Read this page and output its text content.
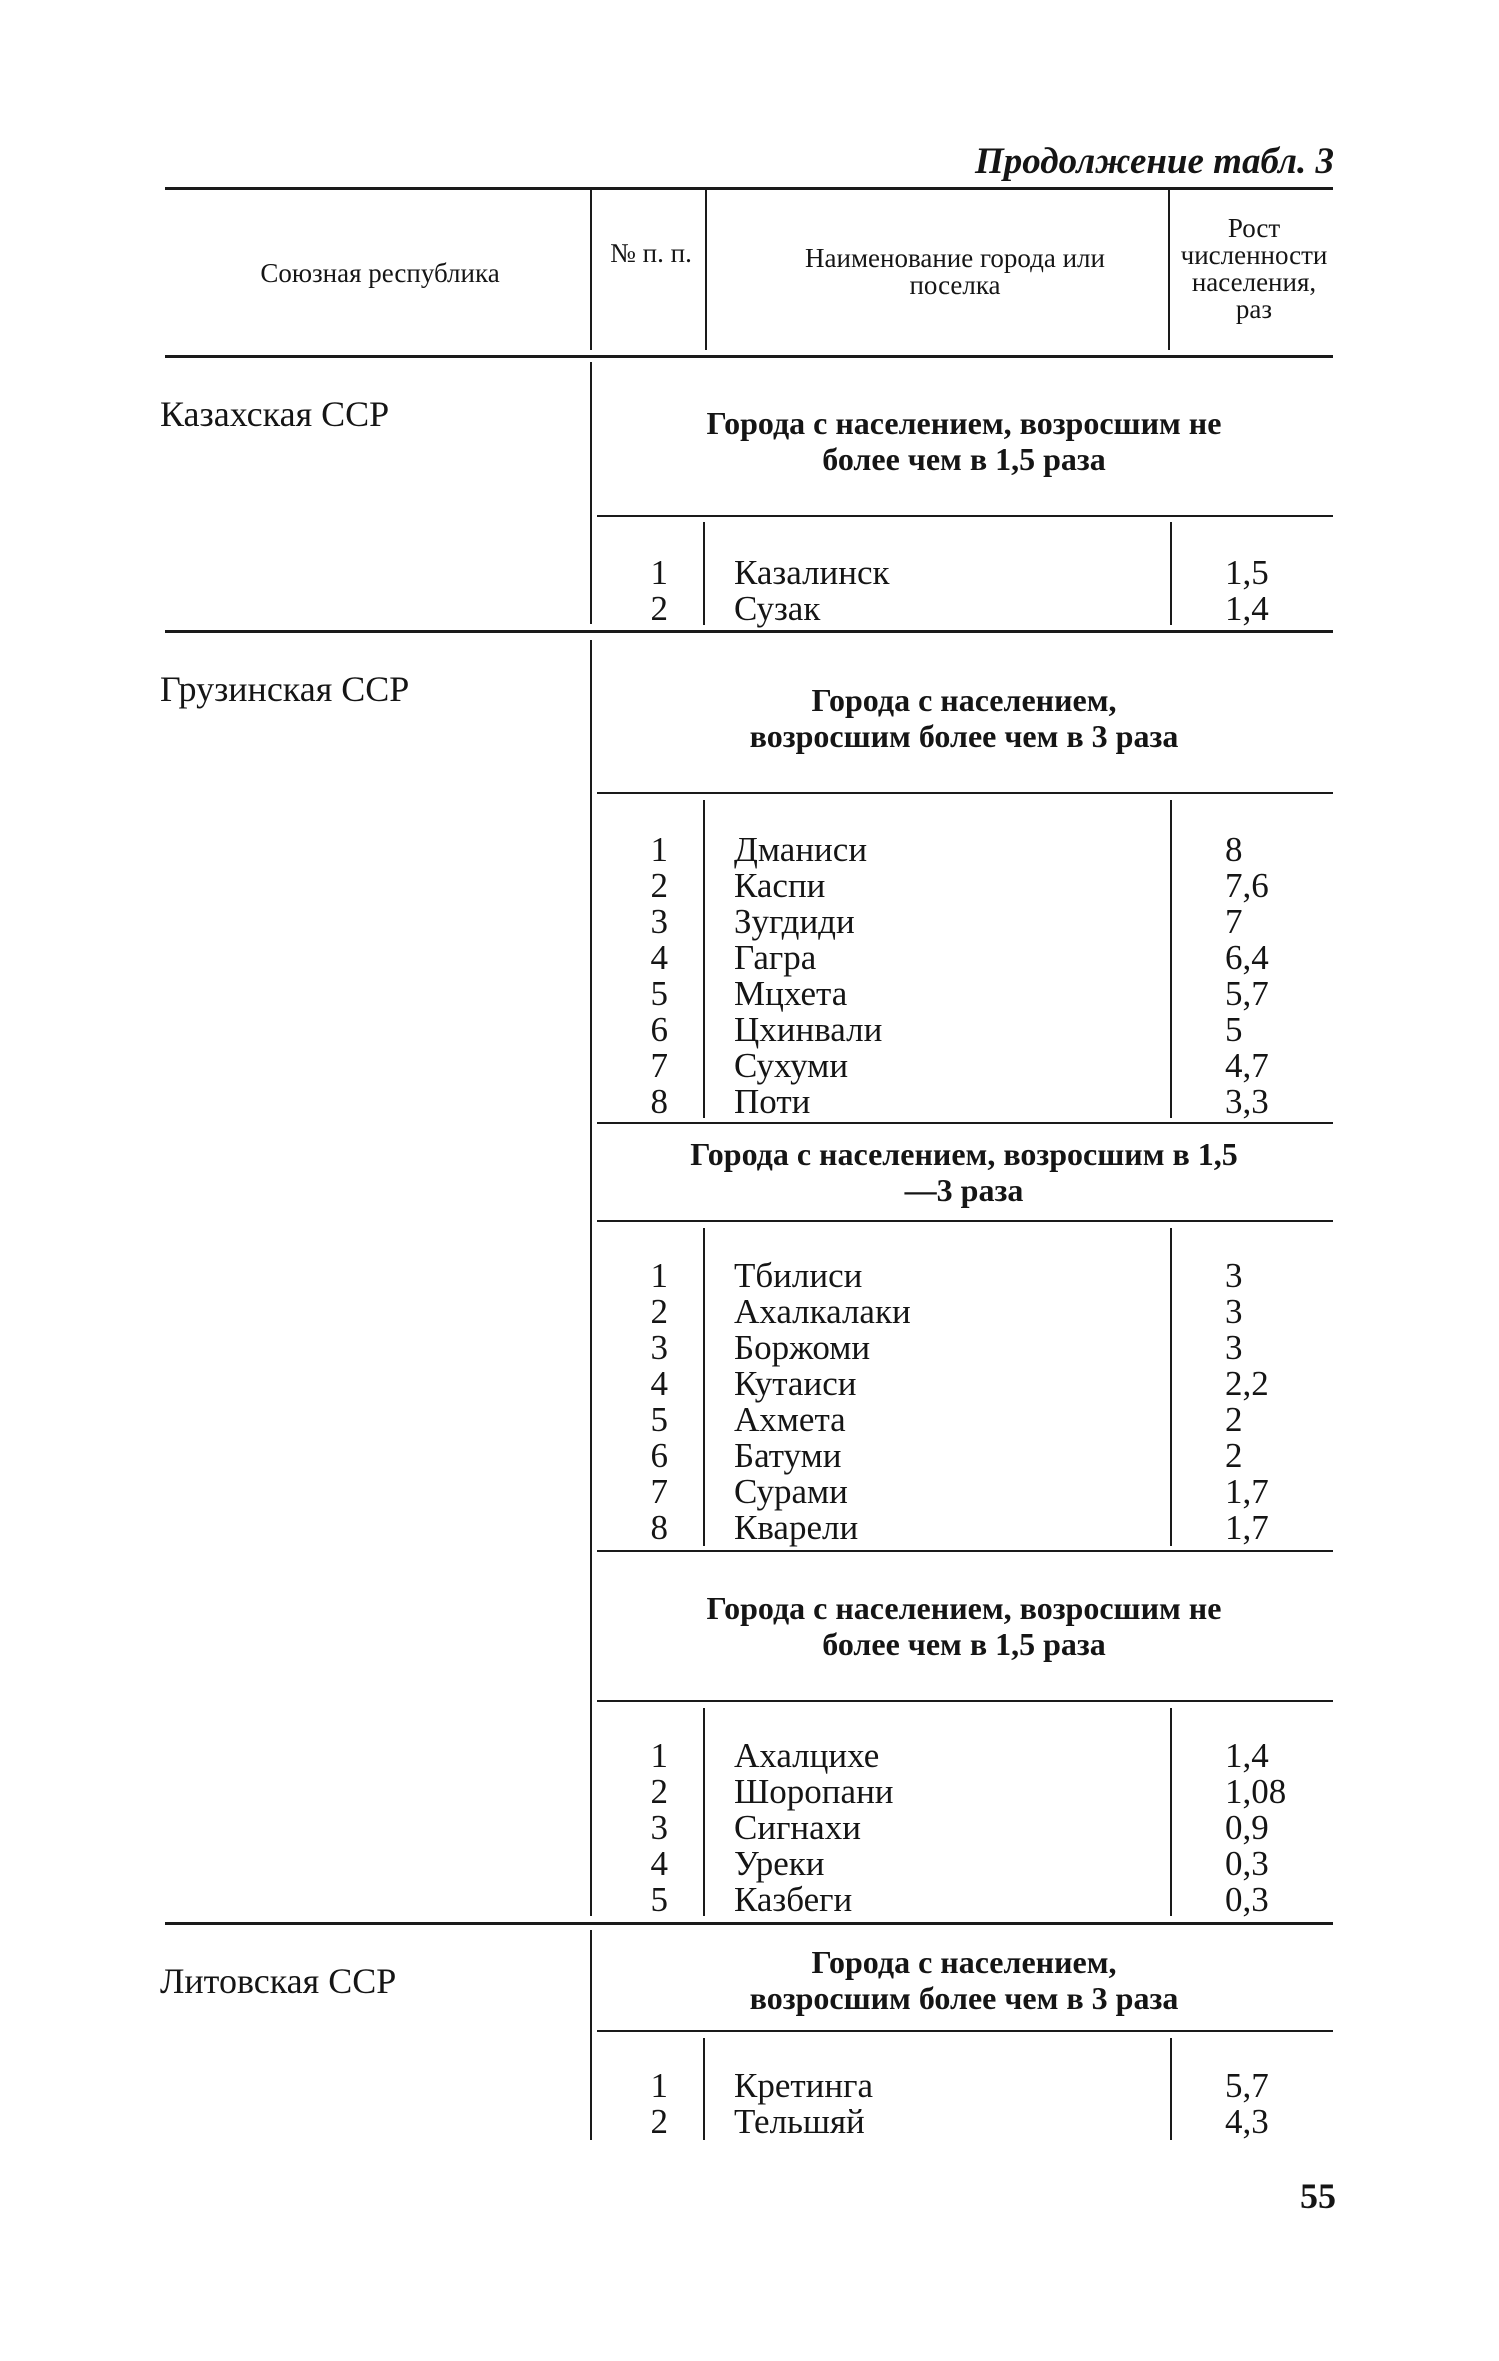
Продолжение табл. 3
Союзная республика
№ п. п.	Наименование города или поселка
Рост численности населения, раз
Казахская ССР
Грузинская ССР
Литовская ССР
Города с населением, возросшим не более чем в 1,5 раза
1
2
Казалинск
Сузак
1,5
1,4
Города с населением, возросшим более чем в 3 раза
1
2
3
4
5
6
7
8
Дманиси
Каспи
Зугдиди
Гагра
Мцхета
Цхинвали
Сухуми
Поти
8
7,6
7
6,4
5,7
5
4,7
3,3
Города с населением, возросшим в 1,5—3 раза
1
2
3
4
5
6
7
8
Тбилиси
Ахалкалаки
Боржоми
Кутаиси
Ахмета
Батуми
Сурами
Кварели
3
3
3
2,2
2
2
1,7
1,7
Города с населением, возросшим не более чем в 1,5 раза
1
2
3
4
5
Ахалцихе
Шоропани
Сигнахи
Уреки
Казбеги
1,4
1,08
0,9
0,3
0,3
Города с населением, возросшим более чем в 3 раза
1
2
Кретинга
Тельшяй
5,7
4,3
55
